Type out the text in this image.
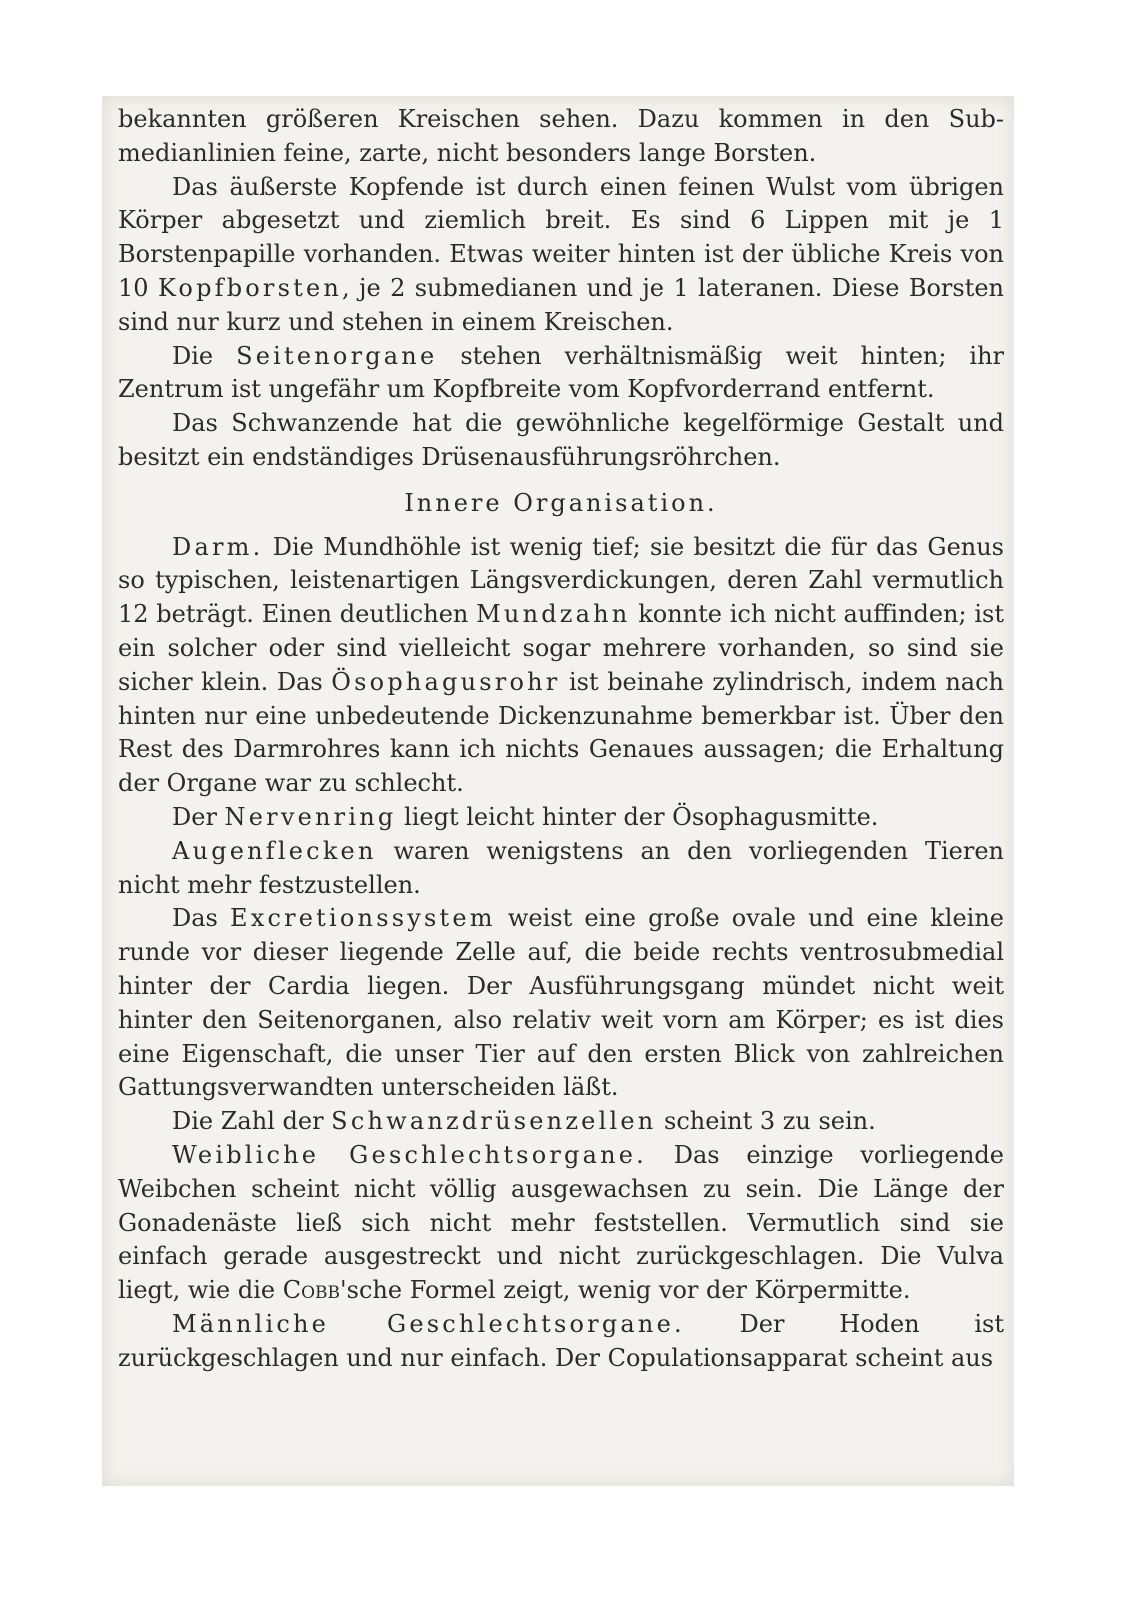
bekannten größeren Kreischen sehen. Dazu kommen in den Sub- medianlinien feine, zarte, nicht besonders lange Borsten.

Das äußerste Kopfende ist durch einen feinen Wulst vom übrigen Körper abgesetzt und ziemlich breit. Es sind 6 Lippen mit je 1 Borstenpapille vorhanden. Etwas weiter hinten ist der übliche Kreis von 10 Kopfborsten, je 2 submedianen und je 1 lateranen. Diese Borsten sind nur kurz und stehen in einem Kreischen.

Die Seitenorgane stehen verhältnismäßig weit hinten; ihr Zentrum ist ungefähr um Kopfbreite vom Kopfvorderrand entfernt.

Das Schwanzende hat die gewöhnliche kegelförmige Gestalt und besitzt ein endständiges Drüsenausführungsröhrchen.

Innere Organisation.

Darm. Die Mundhöhle ist wenig tief; sie besitzt die für das Genus so typischen, leistenartigen Längsverdickungen, deren Zahl vermutlich 12 beträgt. Einen deutlichen Mundzahn konnte ich nicht auffinden; ist ein solcher oder sind vielleicht sogar mehrere vorhanden, so sind sie sicher klein. Das Ösophagusrohr ist beinahe zylindrisch, indem nach hinten nur eine unbedeutende Dickenzunahme bemerkbar ist. Über den Rest des Darmrohres kann ich nichts Genaues aussagen; die Erhaltung der Organe war zu schlecht.

Der Nervenring liegt leicht hinter der Ösophagusmitte.

Augenflecken waren wenigstens an den vorliegenden Tieren nicht mehr festzustellen.

Das Excretionssystem weist eine große ovale und eine kleine runde vor dieser liegende Zelle auf, die beide rechts ventrosubmedial hinter der Cardia liegen. Der Ausführungsgang mündet nicht weit hinter den Seitenorganen, also relativ weit vorn am Körper; es ist dies eine Eigenschaft, die unser Tier auf den ersten Blick von zahlreichen Gattungsverwandten unterscheiden läßt.

Die Zahl der Schwanzdrüsenzellen scheint 3 zu sein.

Weibliche Geschlechtsorgane. Das einzige vorliegende Weibchen scheint nicht völlig ausgewachsen zu sein. Die Länge der Gonadenäste ließ sich nicht mehr feststellen. Vermutlich sind sie einfach gerade ausgestreckt und nicht zurückgeschlagen. Die Vulva liegt, wie die Cobb'sche Formel zeigt, wenig vor der Körpermitte.

Männliche Geschlechtsorgane. Der Hoden ist zurückgeschlagen und nur einfach. Der Copulationsapparat scheint aus
